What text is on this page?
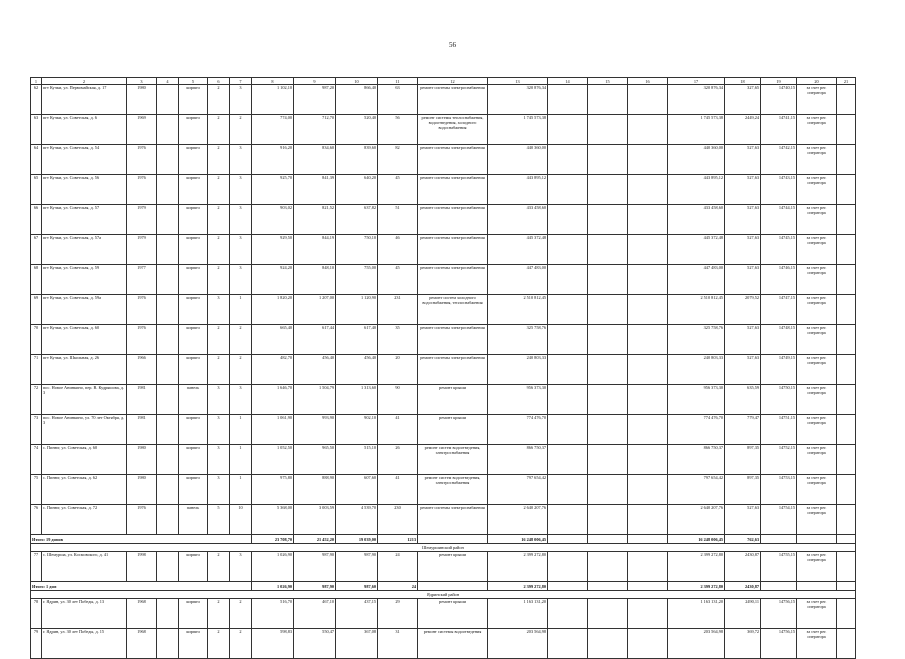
56
1	2	3	4	5	6	7	8	9	10	11	12	13	14	15	16	17	18	19	20	21
62	пгт Кучки, ул. Первомайская, д. 17	1980		кирпич	2	3	1 102,10	987,20	866,40	63	ремонт системы электроснабжения	320 876,34				320 876,34	327,65	14740,15	за счет рег. оператора	
63	пгт Кучки, ул. Советская, д. 6	1969		кирпич	2	2	774,00	712,70	520,40	56	ремонт системы теплоснабжения, водоотведения, холодного водоснабжения	1 745 573,38				1 745 573,38	2449,24	14741,15	за счет рег. оператора	
64	пгт Кучки, ул. Советская, д. 54	1976		кирпич	2	3	916,20	834,60	839,60	82	ремонт системы электроснабжения	440 360,00				440 360,00	527,63	14742,15	за счет рег. оператора	
65	пгт Кучки, ул. Советская, д. 56	1976		кирпич	2	3	925,70	841,39	640,20	45	ремонт системы электроснабжения	443 895,12				443 895,12	527,63	14743,15	за счет рег. оператора	
66	пгт Кучки, ул. Советская, д. 57	1979		кирпич	2	3	903,02	821,52	637,82	51	ремонт системы электроснабжения	433 458,60				433 458,60	527,63	14744,15	за счет рег. оператора	
67	пгт Кучки, ул. Советская, д. 57а	1979		кирпич	2	3	929,50	844,19	750,10	46	ремонт системы электроснабжения	445 372,48				445 372,48	527,63	14745,15	за счет рег. оператора	
68	пгт Кучки, ул. Советская, д. 59	1977		кирпич	2	3	924,20	848,10	755,00	45	ремонт системы электроснабжения	447 483,00				447 483,00	527,63	14746,15	за счет рег. оператора	
69	пгт Кучки, ул. Советская, д. 59а	1976		кирпич	3	1	1 820,20	1 207,00	1 120,90	231	ремонт систем холодного водоснабжения, теплоснабжения	2 510 812,45				2 510 812,45	2079,52	14747,15	за счет рег. оператора	
70	пгт Кучки, ул. Советская, д. 60	1976		кирпич	2	2	665,40	617,44	617,40	35	ремонт системы электроснабжения	325 758,76				325 758,76	527,63	14748,15	за счет рег. оператора	
71	пгт Кучки, ул. Школьная, д. 26	1966		кирпич	2	2	482,70	456,40	456,40	20	ремонт системы электроснабжения	240 803,33				240 803,33	527,63	14749,15	за счет рег. оператора	
72	пос. Новое Анинкино, пер. В. Кудряшова, д. 3	1981		панель	3	3	1 646,70	1 504,79	1 313,60	90	ремонт крыши	956 373,30				956 373,30	635,59	14750,15	за счет рег. оператора	
73	пос. Новое Анинкино, ул. 70 лет Октября, д. 3	1981		кирпич	3	1	1 061,90	993,90	902,10	41	ремонт крыши	774 476,70				774 476,70	779,47	14751,15	за счет рег. оператора	
74	с. Пинюг, ул. Советская, д. 60	1980		кирпич	3	1	1 052,50	965,50	515,10	26	ремонт систем водоотведения, электроснабжения	866 750,37				866 750,37	897,35	14752,15	за счет рег. оператора	
75	с. Пинюг, ул. Советская, д. 62	1980		кирпич	3	1	975,80	888,90	607,60	41	ремонт систем водоотведения, электроснабжения	797 654,42				797 654,42	897,35	14753,15	за счет рег. оператора	
76	с. Пинюг, ул. Советская, д. 72	1976		панель	5	10	5 368,00	3 003,59	4 539,70	230	ремонт системы электроснабжения	2 640 207,76				2 640 207,76	527,63	14754,15	за счет рег. оператора	
Итого: 19 домов							23 708,70	21 452,20	19 039,00	1213		16 248 006,45				16 248 006,45	762,63			
Шемуршинский район																				
77	с. Шемурша, ул. Космовского, д. 41	1998		кирпич	2	3	1 026,90	987,90	987,90	24	ремонт крыши	2 399 272,80				2 399 272,80	2430,87	14755,15	за счет рег. оператора	
Итого: 1 дом							1 026,90	987,90	987,60	24		2 399 272,80				2 399 272,80	2430,87			
Ядринский район																				
78	г. Ядрин, ул. 30 лет Победы, д. 13	1968		кирпич	2	2	516,70	467,10	437,15	29	ремонт крыши	1 163 131,20				1 163 131,20	2490,11	14756,15	за счет рег. оператора	
79	г. Ядрин, ул. 30 лет Победы, д. 15	1968		кирпич	2	2	598,83	550,47	367,08	31	ремонт системы водоотведения	203 564,98				203 564,98	369,72	14756,15	за счет рег. оператора	
